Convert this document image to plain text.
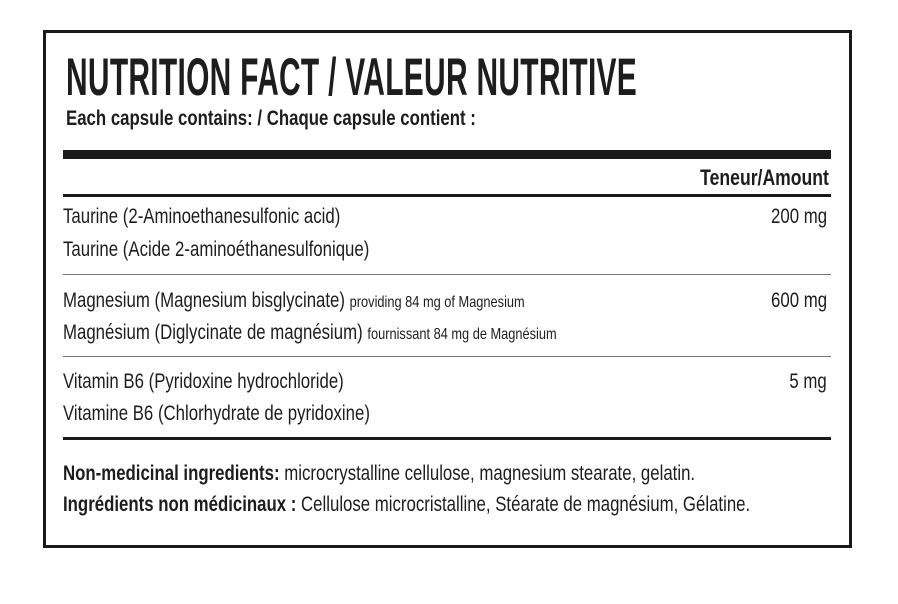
NUTRITION FACT / VALEUR NUTRITIVE
Each capsule contains: / Chaque capsule contient :
Teneur/Amount
Taurine (2-Aminoethanesulfonic acid)
Taurine (Acide 2-aminoéthanesulfonique)
200 mg
Magnesium (Magnesium bisglycinate) providing 84 mg of Magnesium
Magnésium (Diglycinate de magnésium) fournissant 84 mg de Magnésium
600 mg
Vitamin B6 (Pyridoxine hydrochloride)
Vitamine B6 (Chlorhydrate de pyridoxine)
5 mg
Non-medicinal ingredients: microcrystalline cellulose, magnesium stearate, gelatin.
Ingrédients non médicinaux : Cellulose microcristalline, Stéarate de magnésium, Gélatine.
